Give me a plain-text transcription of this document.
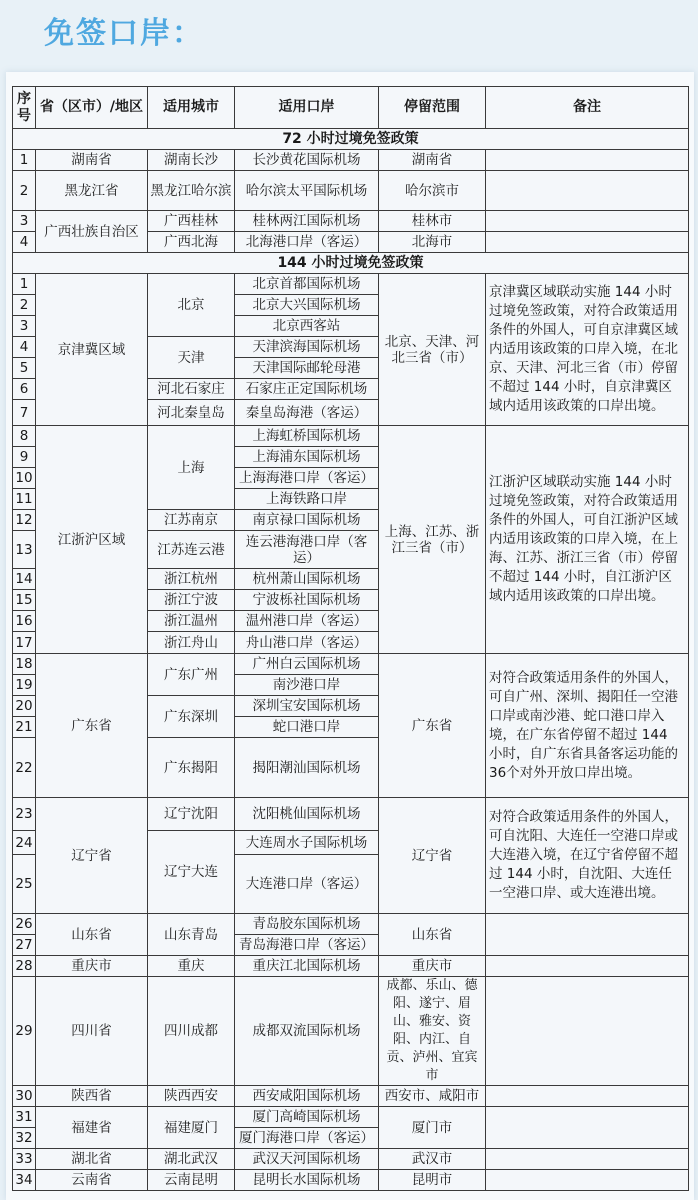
免签口岸：
序号	省（区市）/地区	适用城市	适用口岸	停留范围	备注
72 小时过境免签政策					
1	湖南省	湖南长沙	长沙黄花国际机场	湖南省	
2	黑龙江省	黑龙江哈尔滨	哈尔滨太平国际机场	哈尔滨市	
3	广西壮族自治区	广西桂林	桂林两江国际机场	桂林市	
4		广西北海	北海港口岸（客运）	北海市	
144 小时过境免签政策					
1	京津冀区域	北京	北京首都国际机场	北京、天津、河北三省（市）	京津冀区域联动实施 144 小时过境免签政策，对符合政策适用条件的外国人，可自京津冀区域内适用该政策的口岸入境，在北京、天津、河北三省（市）停留不超过 144 小时，自京津冀区域内适用该政策的口岸出境。
2			北京大兴国际机场		
3			北京西客站		
4		天津	天津滨海国际机场		
5			天津国际邮轮母港		
6		河北石家庄	石家庄正定国际机场		
7		河北秦皇岛	秦皇岛海港（客运）		
8	江浙沪区域	上海	上海虹桥国际机场	上海、江苏、浙江三省（市）	江浙沪区域联动实施 144 小时过境免签政策，对符合政策适用条件的外国人，可自江浙沪区域内适用该政策的口岸入境，在上海、江苏、浙江三省（市）停留不超过 144 小时，自江浙沪区域内适用该政策的口岸出境。
9			上海浦东国际机场		
10			上海海港口岸（客运）		
11			上海铁路口岸		
12		江苏南京	南京禄口国际机场		
13		江苏连云港	连云港海港口岸（客运）		
14		浙江杭州	杭州萧山国际机场		
15		浙江宁波	宁波栎社国际机场		
16		浙江温州	温州港口岸（客运）		
17		浙江舟山	舟山港口岸（客运）		
18	广东省	广东广州	广州白云国际机场	广东省	对符合政策适用条件的外国人，可自广州、深圳、揭阳任一空港口岸或南沙港、蛇口港口岸入境，在广东省停留不超过 144 小时，自广东省具备客运功能的36个对外开放口岸出境。
19			南沙港口岸		
20		广东深圳	深圳宝安国际机场		
21			蛇口港口岸		
22		广东揭阳	揭阳潮汕国际机场		
23	辽宁省	辽宁沈阳	沈阳桃仙国际机场	辽宁省	对符合政策适用条件的外国人，可自沈阳、大连任一空港口岸或大连港入境，在辽宁省停留不超过 144 小时，自沈阳、大连任一空港口岸、或大连港出境。
24		辽宁大连	大连周水子国际机场		
25			大连港口岸（客运）		
26	山东省	山东青岛	青岛胶东国际机场	山东省	
27			青岛海港口岸（客运）		
28	重庆市	重庆	重庆江北国际机场	重庆市	
29	四川省	四川成都	成都双流国际机场	成都、乐山、德阳、遂宁、眉山、雅安、资阳、内江、自贡、泸州、宜宾市	
30	陕西省	陕西西安	西安咸阳国际机场	西安市、咸阳市	
31	福建省	福建厦门	厦门高崎国际机场	厦门市	
32			厦门海港口岸（客运）		
33	湖北省	湖北武汉	武汉天河国际机场	武汉市	
34	云南省	云南昆明	昆明长水国际机场	昆明市	
